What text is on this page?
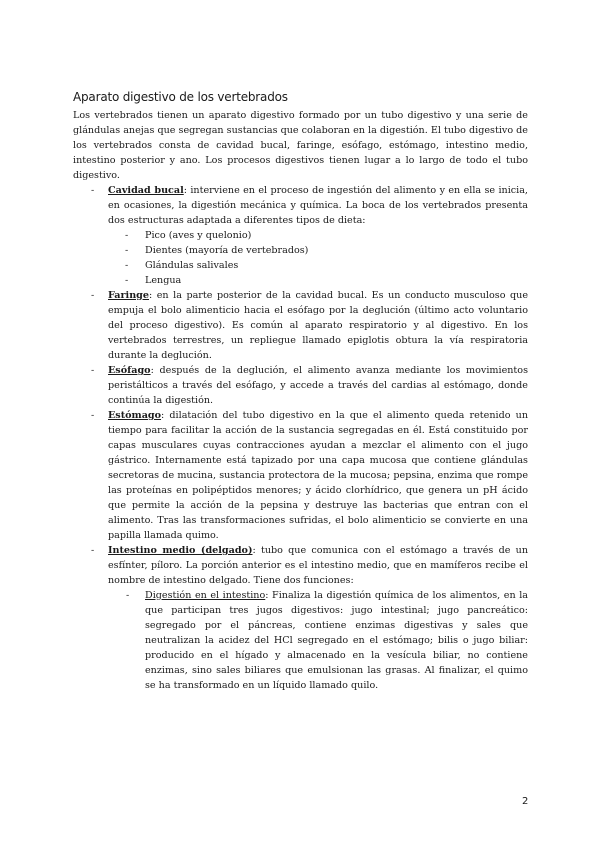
Aparato digestivo de los vertebrados

Los vertebrados tienen un aparato digestivo formado por un tubo digestivo y una serie de glándulas anejas que segregan sustancias que colaboran en la digestión. El tubo digestivo de los vertebrados consta de cavidad bucal, faringe, esófago, estómago, intestino medio, intestino posterior y ano. Los procesos digestivos tienen lugar a lo largo de todo el tubo digestivo.

- Cavidad bucal: interviene en el proceso de ingestión del alimento y en ella se inicia, en ocasiones, la digestión mecánica y química. La boca de los vertebrados presenta dos estructuras adaptada a diferentes tipos de dieta:
- Pico (aves y quelonio)
- Dientes (mayoría de vertebrados)
- Glándulas salivales
- Lengua
- Faringe: en la parte posterior de la cavidad bucal. Es un conducto musculoso que empuja el bolo alimenticio hacia el esófago por la deglución (último acto voluntario del proceso digestivo). Es común al aparato respiratorio y al digestivo. En los vertebrados terrestres, un repliegue llamado epiglotis obtura la vía respiratoria durante la deglución.
- Esófago: después de la deglución, el alimento avanza mediante los movimientos peristálticos a través del esófago, y accede a través del cardias al estómago, donde continúa la digestión.
- Estómago: dilatación del tubo digestivo en la que el alimento queda retenido un tiempo para facilitar la acción de la sustancia segregadas en él. Está constituido por capas musculares cuyas contracciones ayudan a mezclar el alimento con el jugo gástrico. Internamente está tapizado por una capa mucosa que contiene glándulas secretoras de mucina, sustancia protectora de la mucosa; pepsina, enzima que rompe las proteínas en polipéptidos menores; y ácido clorhídrico, que genera un pH ácido que permite la acción de la pepsina y destruye las bacterias que entran con el alimento. Tras las transformaciones sufridas, el bolo alimenticio se convierte en una papilla llamada quimo.
- Intestino medio (delgado): tubo que comunica con el estómago a través de un esfínter, píloro. La porción anterior es el intestino medio, que en mamíferos recibe el nombre de intestino delgado. Tiene dos funciones:
- Digestión en el intestino: Finaliza la digestión química de los alimentos, en la que participan tres jugos digestivos: jugo intestinal; jugo pancreático: segregado por el páncreas, contiene enzimas digestivas y sales que neutralizan la acidez del HCl segregado en el estómago; bilis o jugo biliar: producido en el hígado y almacenado en la vesícula biliar, no contiene enzimas, sino sales biliares que emulsionan las grasas. Al finalizar, el quimo se ha transformado en un líquido llamado quilo.
2
